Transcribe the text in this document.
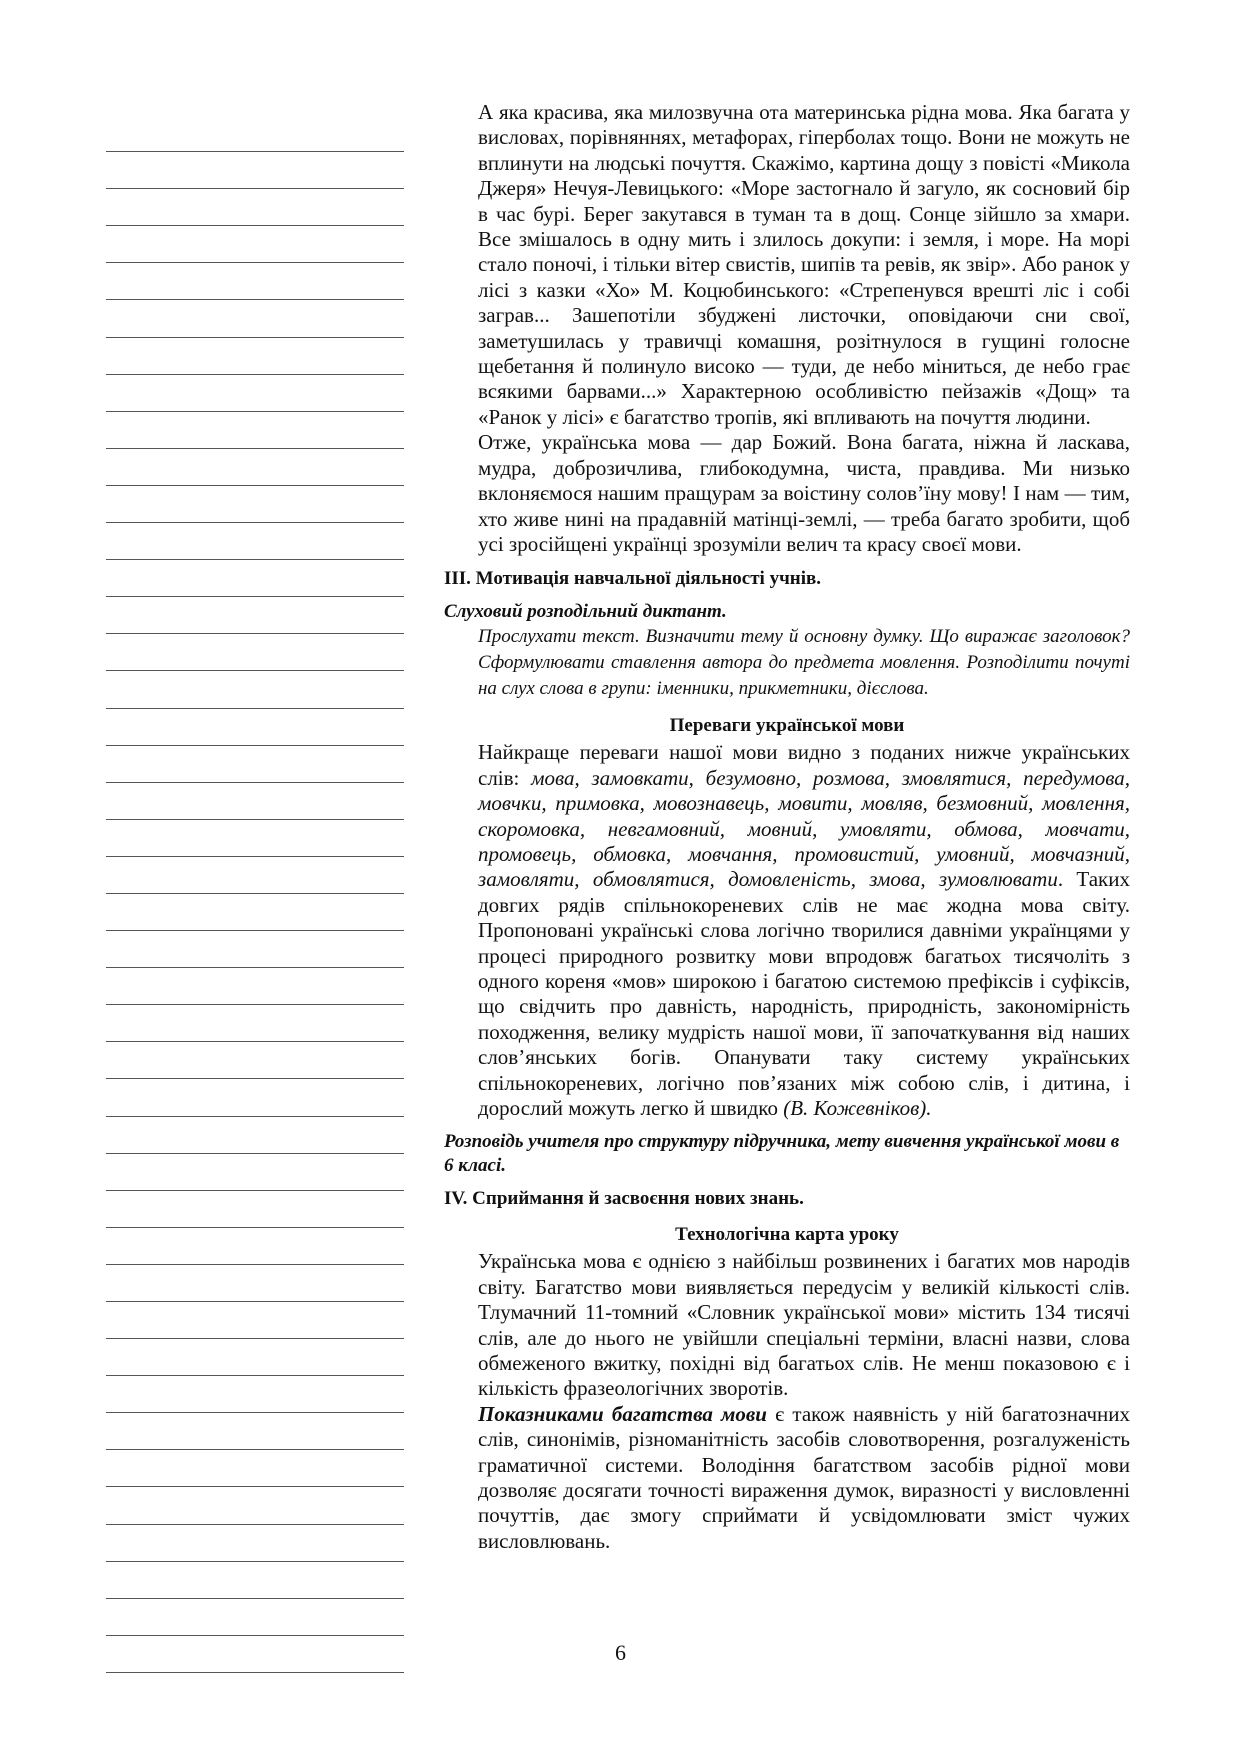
А яка красива, яка милозвучна ота материнська рідна мова. Яка багата у висловах, порівняннях, метафорах, гіперболах тощо. Вони не можуть не вплинути на людські почуття. Скажімо, картина дощу з повісті «Микола Джеря» Нечуя-Левицького: «Море застогнало й загуло, як сосновий бір в час бурі. Берег закутався в туман та в дощ. Сонце зійшло за хмари. Все змішалось в одну мить і злилось докупи: і земля, і море. На морі стало поночі, і тільки вітер свистів, шипів та ревів, як звір». Або ранок у лісі з казки «Хо» М. Коцюбинського: «Стрепенувся врешті ліс і собі загрaв... Зашепотіли збуджені листочки, оповідаючи сни свої, заметушилась у травичці комашня, розітнулося в гущині голосне щебетання й полинуло високо — туди, де небо міниться, де небо грає всякими барвами...» Характерною особливістю пейзажів «Дощ» та «Ранок у лісі» є багатство тропів, які впливають на почуття людини.

Отже, українська мова — дар Божий. Вона багата, ніжна й ласкава, мудра, доброзичлива, глибокодумна, чиста, правдива. Ми низько вклоняємося нашим пращурам за воістину солов’їну мову! І нам — тим, хто живе нині на прадавній матінці-землі, — треба багато зробити, щоб усі зросійщені українці зрозуміли велич та красу своєї мови.

III. Мотивація навчальної діяльності учнів.

Слуховий розподільний диктант.

Прослухати текст. Визначити тему й основну думку. Що виражає заголовок? Сформулювати ставлення автора до предмета мовлення. Розподілити почуті на слух слова в групи: іменники, прикметники, дієслова.

Переваги української мови

Найкраще переваги нашої мови видно з поданих нижче українських слів: мова, замовкати, безумовно, розмова, змовлятися, передумова, мовчки, примовка, мовознавець, мовити, мовляв, безмовний, мовлення, скоромовка, невгамовний, мовний, умовляти, обмова, мовчати, промовець, обмовка, мовчання, промовистий, умовний, мовчазний, замовляти, обмовлятися, домовленість, змова, зумовлювати. Таких довгих рядів спільнокореневих слів не має жодна мова світу. Пропоновані українські слова логічно творилися давніми українцями у процесі природного розвитку мови впродовж багатьох тисячоліть з одного кореня «мов» широкою і багатою системою префіксів і суфіксів, що свідчить про давність, народність, природність, закономірність походження, велику мудрість нашої мови, її започаткування від наших слов’янських богів. Опанувати таку систему українських спільнокореневих, логічно пов’язаних між собою слів, і дитина, і дорослий можуть легко й швидко (В. Кожевніков).

Розповідь учителя про структуру підручника, мету вивчення української мови в 6 класі.

IV. Сприймання й засвоєння нових знань.

Технологічна карта уроку

Українська мова є однією з найбільш розвинених і багатих мов народів світу. Багатство мови виявляється передусім у великій кількості слів. Тлумачний 11-томний «Словник української мови» містить 134 тисячі слів, але до нього не увійшли спеціальні терміни, власні назви, слова обмеженого вжитку, похідні від багатьох слів. Не менш показовою є і кількість фразеологічних зворотів.

Показниками багатства мови є також наявність у ній багатозначних слів, синонімів, різноманітність засобів словотворення, розгалуженість граматичної системи. Володіння багатством засобів рідної мови дозволяє досягати точності вираження думок, виразності у висловленні почуттів, дає змогу сприймати й усвідомлювати зміст чужих висловлювань.

6
